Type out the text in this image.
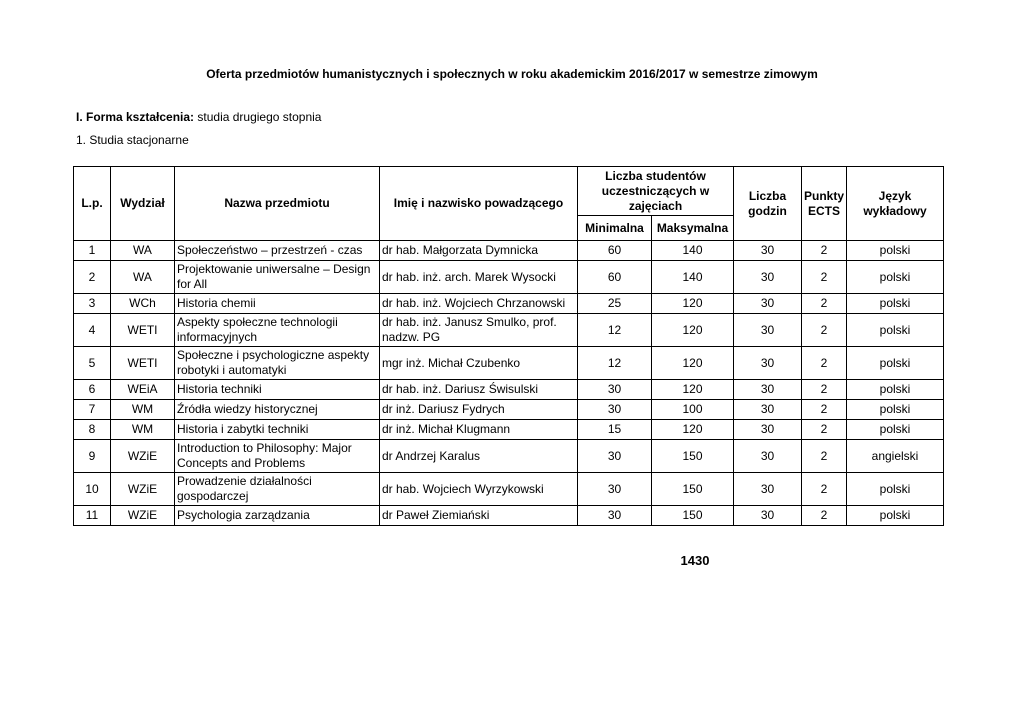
Oferta przedmiotów humanistycznych i społecznych w roku akademickim 2016/2017 w semestrze zimowym
I. Forma kształcenia: studia drugiego stopnia
1. Studia stacjonarne
L.p.	Wydział	Nazwa przedmiotu	Imię i nazwisko powadzącego	Liczba studentów uczestniczących w zajęciach		Liczba godzin	Punkty ECTS	Język wykładowy
				Minimalna	Maksymalna			
1	WA	Społeczeństwo – przestrzeń - czas	dr hab. Małgorzata Dymnicka	60	140	30	2	polski
2	WA	Projektowanie uniwersalne – Design for All	dr hab. inż. arch. Marek Wysocki	60	140	30	2	polski
3	WCh	Historia chemii	dr hab. inż. Wojciech Chrzanowski	25	120	30	2	polski
4	WETI	Aspekty społeczne technologii informacyjnych	dr hab. inż. Janusz Smulko, prof. nadzw. PG	12	120	30	2	polski
5	WETI	Społeczne i psychologiczne aspekty robotyki i automatyki	mgr inż. Michał Czubenko	12	120	30	2	polski
6	WEiA	Historia techniki	dr hab. inż. Dariusz Świsulski	30	120	30	2	polski
7	WM	Źródła wiedzy historycznej	dr inż. Dariusz Fydrych	30	100	30	2	polski
8	WM	Historia i zabytki techniki	dr inż. Michał Klugmann	15	120	30	2	polski
9	WZiE	Introduction to Philosophy: Major Concepts and Problems	dr Andrzej Karalus	30	150	30	2	angielski
10	WZiE	Prowadzenie działalności gospodarczej	dr hab. Wojciech Wyrzykowski	30	150	30	2	polski
11	WZiE	Psychologia zarządzania	dr Paweł Ziemiański	30	150	30	2	polski
1430
